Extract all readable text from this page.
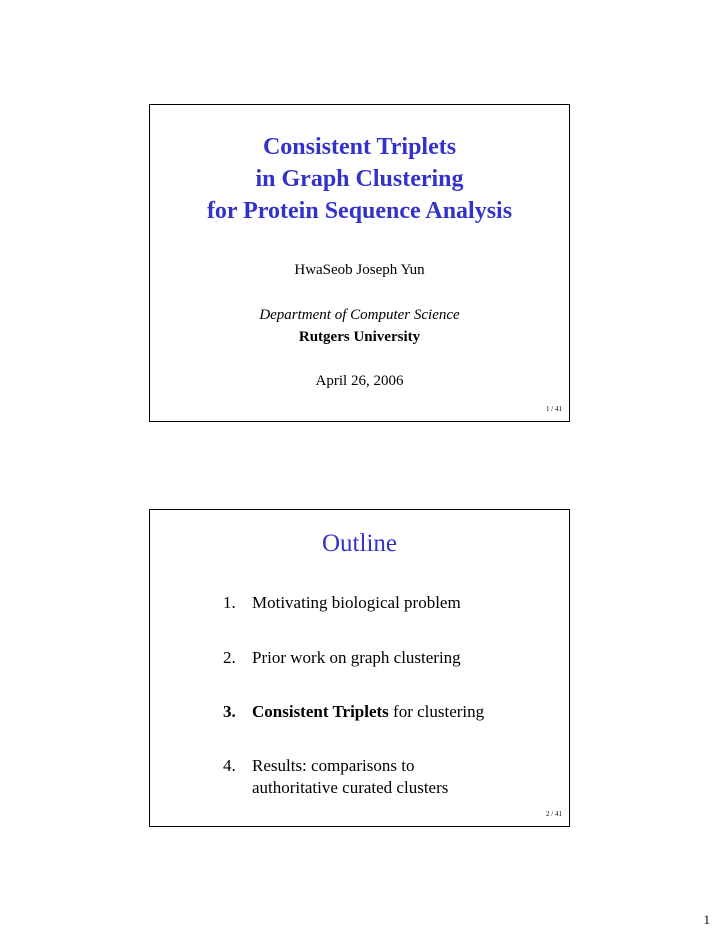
Consistent Triplets
in Graph Clustering
for Protein Sequence Analysis
HwaSeob Joseph Yun
Department of Computer Science
Rutgers University
April 26, 2006
1 / 41
Outline
1. Motivating biological problem
2. Prior work on graph clustering
3. Consistent Triplets for clustering
4. Results: comparisons to
authoritative curated clusters
2 / 41
1
